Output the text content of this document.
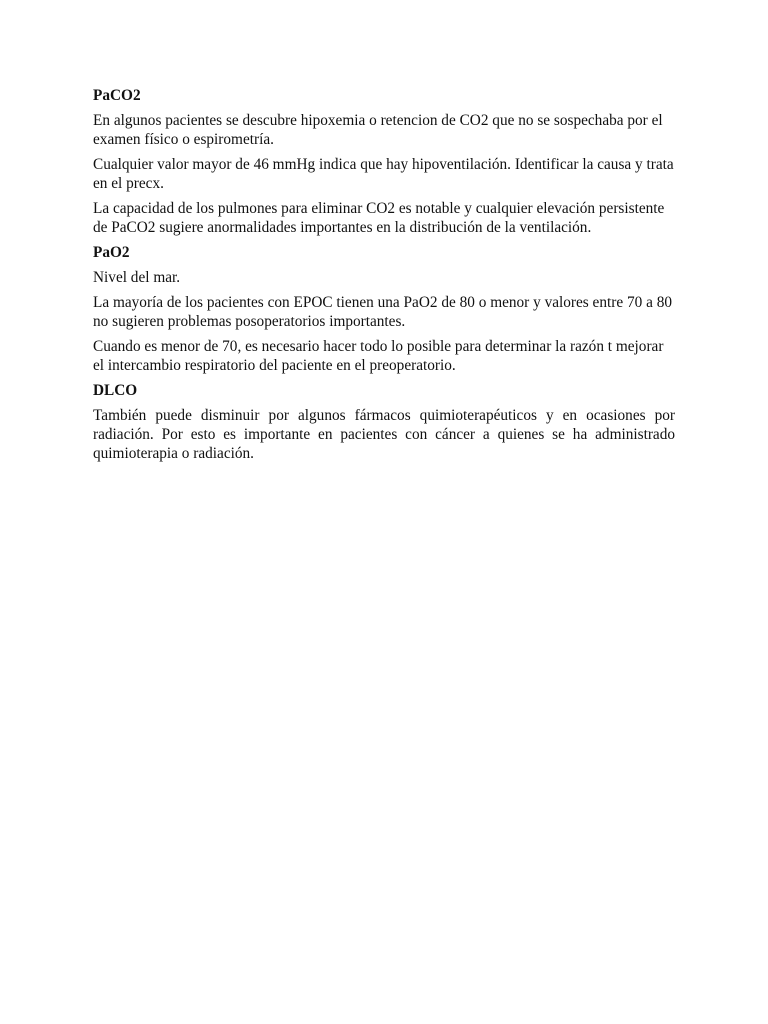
PaCO2

En algunos pacientes se descubre hipoxemia o retencion de CO2 que no se sospechaba por el examen físico o espirometría.

Cualquier valor mayor de 46 mmHg indica que hay hipoventilación. Identificar la causa y trata en el precx.

La capacidad de los pulmones para eliminar CO2 es notable y cualquier elevación persistente de PaCO2 sugiere anormalidades importantes en la distribución de la ventilación.

PaO2

Nivel del mar.

La mayoría de los pacientes con EPOC tienen una PaO2 de 80 o menor y valores entre 70 a 80 no sugieren problemas posoperatorios importantes.

Cuando es menor de 70, es necesario hacer todo lo posible para determinar la razón t mejorar el intercambio respiratorio del paciente en el preoperatorio.

DLCO

También puede disminuir por algunos fármacos quimioterapéuticos y en ocasiones por radiación. Por esto es importante en pacientes con cáncer a quienes se ha administrado quimioterapia o radiación.
